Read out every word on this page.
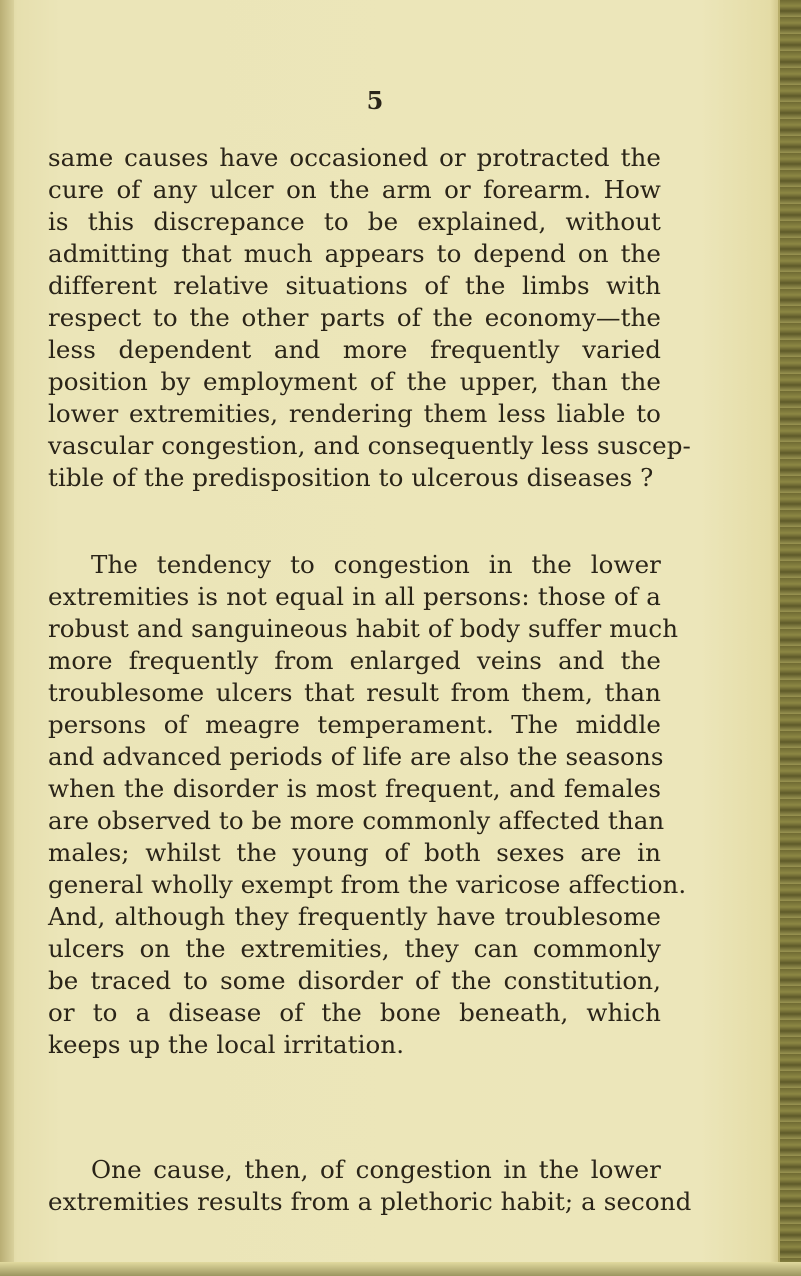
5
same causes have occasioned or protracted the
cure of any ulcer on the arm or forearm. How
is this discrepance to be explained, without
admitting that much appears to depend on the
different relative situations of the limbs with
respect to the other parts of the economy—the
less dependent and more frequently varied
position by employment of the upper, than the
lower extremities, rendering them less liable to
vascular congestion, and consequently less suscep-
tible of the predisposition to ulcerous diseases ?
The tendency to congestion in the lower
extremities is not equal in all persons: those of a
robust and sanguineous habit of body suffer much
more frequently from enlarged veins and the
troublesome ulcers that result from them, than
persons of meagre temperament. The middle
and advanced periods of life are also the seasons
when the disorder is most frequent, and females
are observed to be more commonly affected than
males; whilst the young of both sexes are in
general wholly exempt from the varicose affection.
And, although they frequently have troublesome
ulcers on the extremities, they can commonly
be traced to some disorder of the constitution,
or to a disease of the bone beneath, which
keeps up the local irritation.
One cause, then, of congestion in the lower
extremities results from a plethoric habit; a second
